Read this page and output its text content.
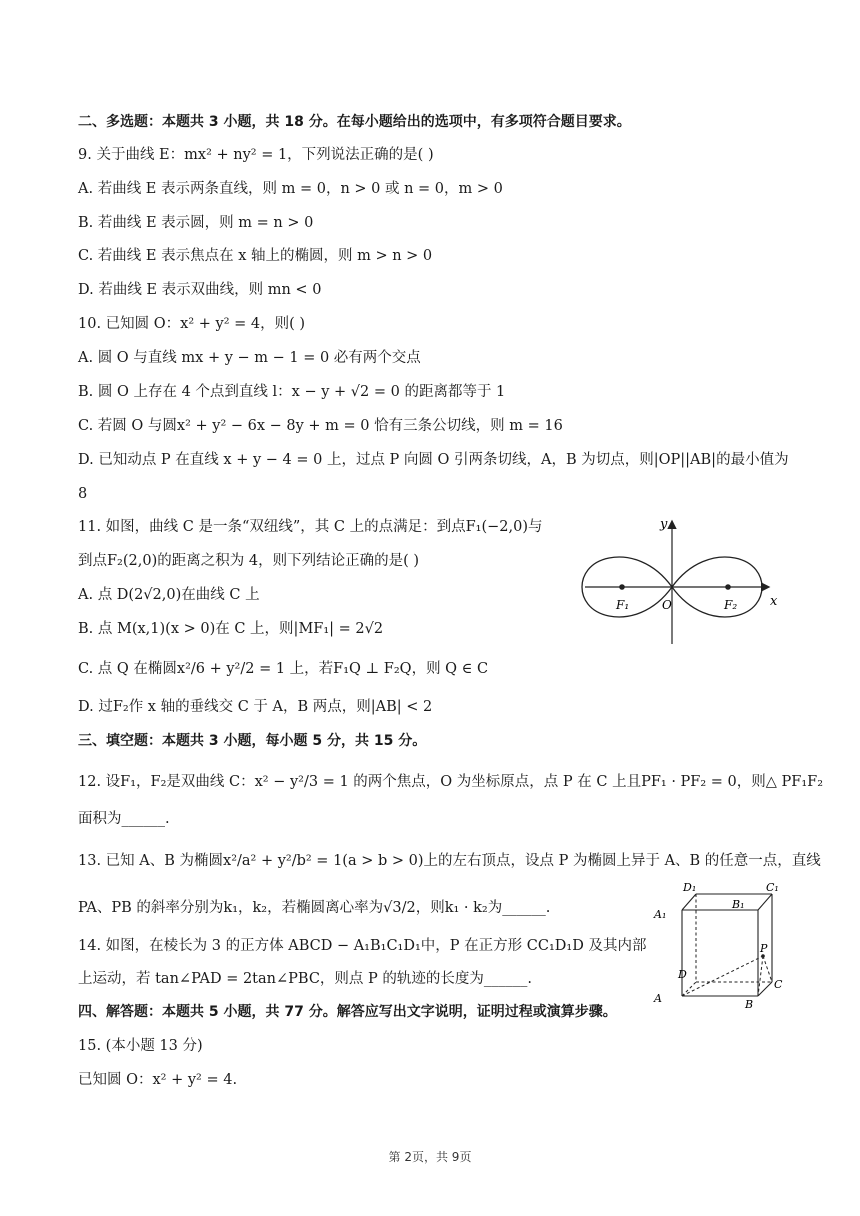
二、多选题：本题共 3 小题，共 18 分。在每小题给出的选项中，有多项符合题目要求。
9. 关于曲线 E：mx² + ny² = 1，下列说法正确的是( )
A. 若曲线 E 表示两条直线，则 m = 0，n > 0 或 n = 0，m > 0
B. 若曲线 E 表示圆，则 m = n > 0
C. 若曲线 E 表示焦点在 x 轴上的椭圆，则 m > n > 0
D. 若曲线 E 表示双曲线，则 mn < 0
10. 已知圆 O：x² + y² = 4，则( )
A. 圆 O 与直线 mx + y − m − 1 = 0 必有两个交点
B. 圆 O 上存在 4 个点到直线 l：x − y + √2 = 0 的距离都等于 1
C. 若圆 O 与圆x² + y² − 6x − 8y + m = 0 恰有三条公切线，则 m = 16
D. 已知动点 P 在直线 x + y − 4 = 0 上，过点 P 向圆 O 引两条切线，A，B 为切点，则|OP||AB|的最小值为
8
11. 如图，曲线 C 是一条“双纽线”，其 C 上的点满足：到点F₁(−2,0)与
到点F₂(2,0)的距离之积为 4，则下列结论正确的是( )
A. 点 D(2√2,0)在曲线 C 上
B. 点 M(x,1)(x > 0)在 C 上，则|MF₁| = 2√2
C. 点 Q 在椭圆x²/6 + y²/2 = 1 上，若F₁Q ⊥ F₂Q，则 Q ∈ C
D. 过F₂作 x 轴的垂线交 C 于 A，B 两点，则|AB| < 2
y
x
F₁	O	F₂
三、填空题：本题共 3 小题，每小题 5 分，共 15 分。
12. 设F₁，F₂是双曲线 C：x² − y²/3 = 1 的两个焦点，O 为坐标原点，点 P 在 C 上且PF₁ · PF₂ = 0，则△ PF₁F₂
面积为______.
13. 已知 A、B 为椭圆x²/a² + y²/b² = 1(a > b > 0)上的左右顶点，设点 P 为椭圆上异于 A、B 的任意一点，直线
PA、PB 的斜率分别为k₁，k₂，若椭圆离心率为√3/2，则k₁ · k₂为______.
14. 如图，在棱长为 3 的正方体 ABCD − A₁B₁C₁D₁中，P 在正方形 CC₁D₁D 及其内部
上运动，若 tan∠PAD = 2tan∠PBC，则点 P 的轨迹的长度为______.
D₁	C₁
A₁
B₁
P
D
C
A	B
四、解答题：本题共 5 小题，共 77 分。解答应写出文字说明，证明过程或演算步骤。
15. (本小题 13 分)
已知圆 O：x² + y² = 4.
第 2页，共 9页
